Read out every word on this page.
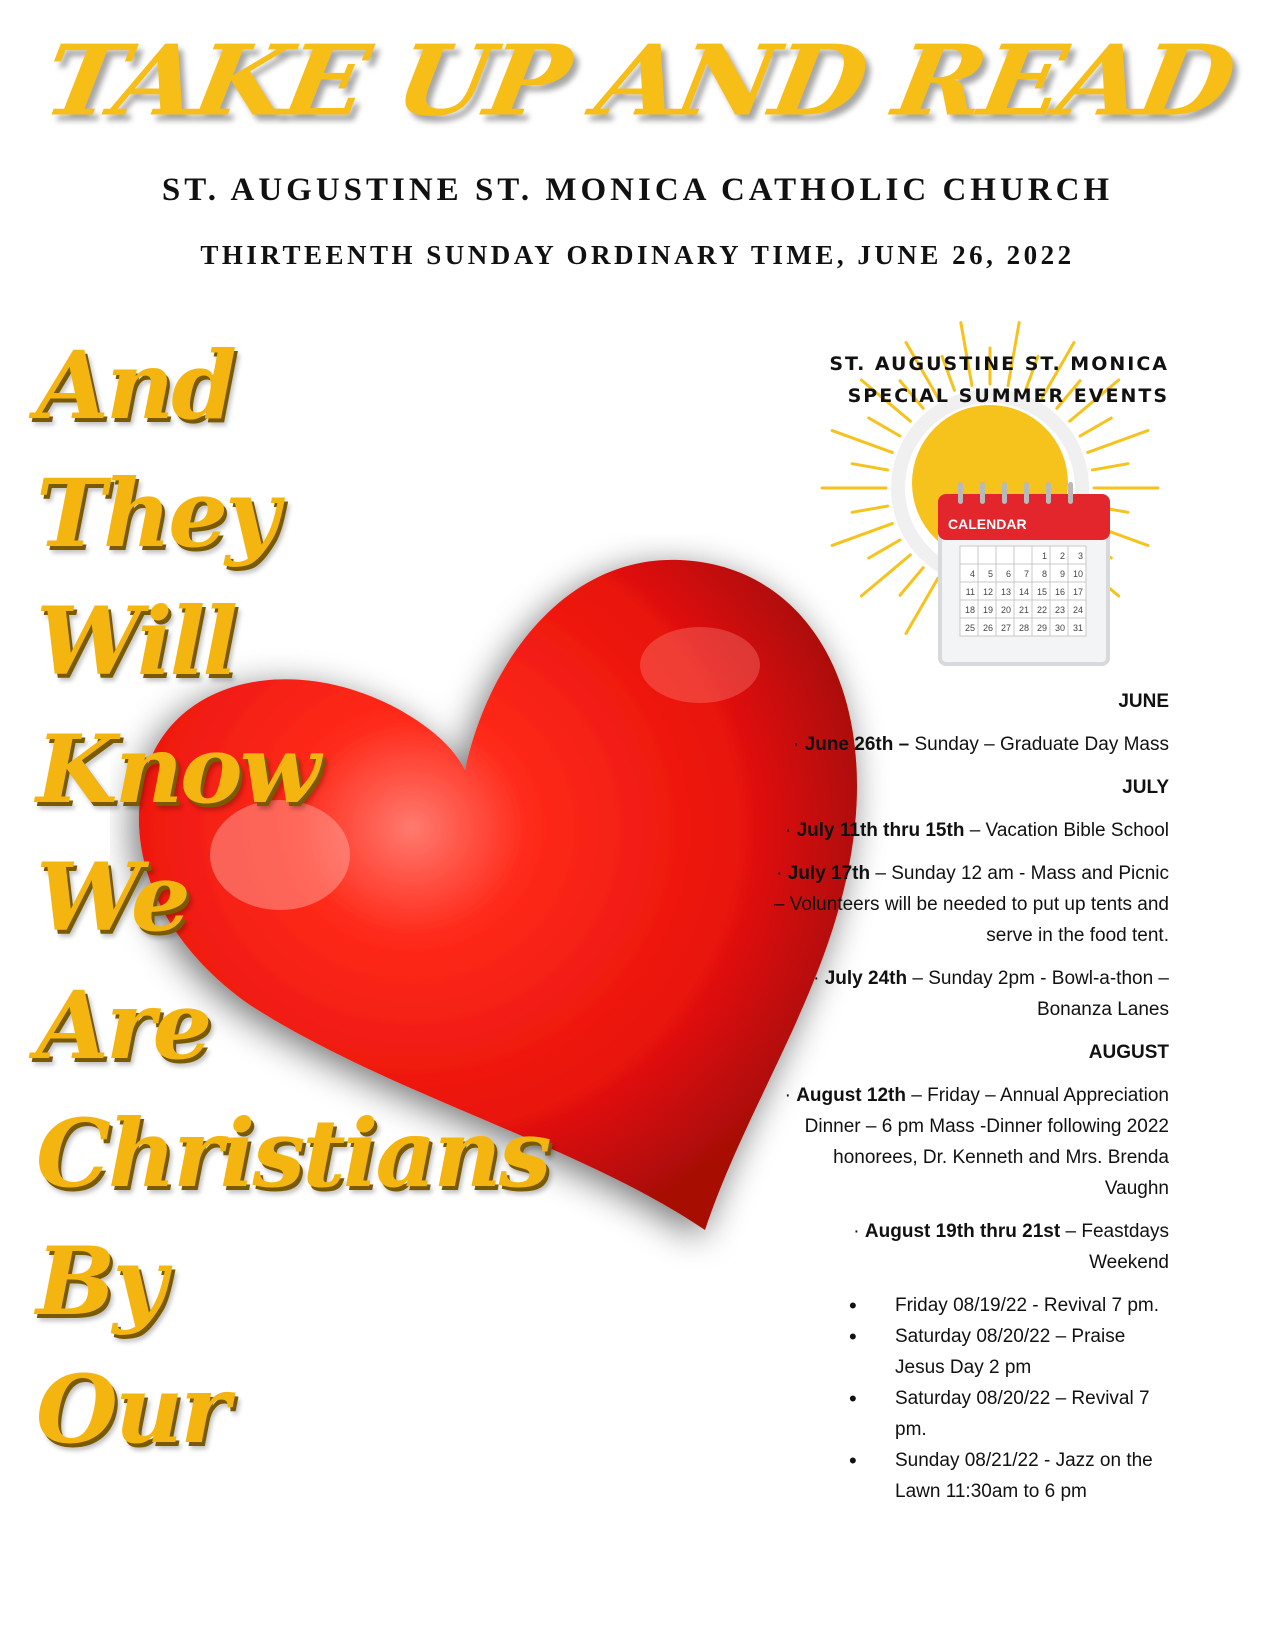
TAKE UP AND READ
ST. AUGUSTINE ST. MONICA CATHOLIC CHURCH
THIRTEENTH SUNDAY ORDINARY TIME, JUNE 26, 2022
And
They
Will
Know
We
Are
Christians
By
Our
CALENDAR
1 2 3
4 5 6 7 8 9 10
11 12 13 14 15 16 17
18 19 20 21 22 23 24
25 26 27 28 29 30 31
ST. AUGUSTINE ST. MONICA
SPECIAL SUMMER EVENTS
JUNE
· June 26th – Sunday – Graduate Day Mass
JULY
· July 11th thru 15th – Vacation Bible School
· July 17th – Sunday 12 am - Mass and Picnic – Volunteers will be needed to put up tents and serve in the food tent.
· July 24th – Sunday 2pm - Bowl-a-thon – Bonanza Lanes
AUGUST
· August 12th – Friday – Annual Appreciation Dinner – 6 pm Mass -Dinner following 2022 honorees, Dr. Kenneth and Mrs. Brenda Vaughn
· August 19th thru 21st – Feastdays Weekend
• Friday 08/19/22 - Revival 7 pm.
• Saturday 08/20/22 – Praise Jesus Day 2 pm
• Saturday 08/20/22 – Revival 7 pm.
• Sunday 08/21/22 - Jazz on the Lawn 11:30am to 6 pm
